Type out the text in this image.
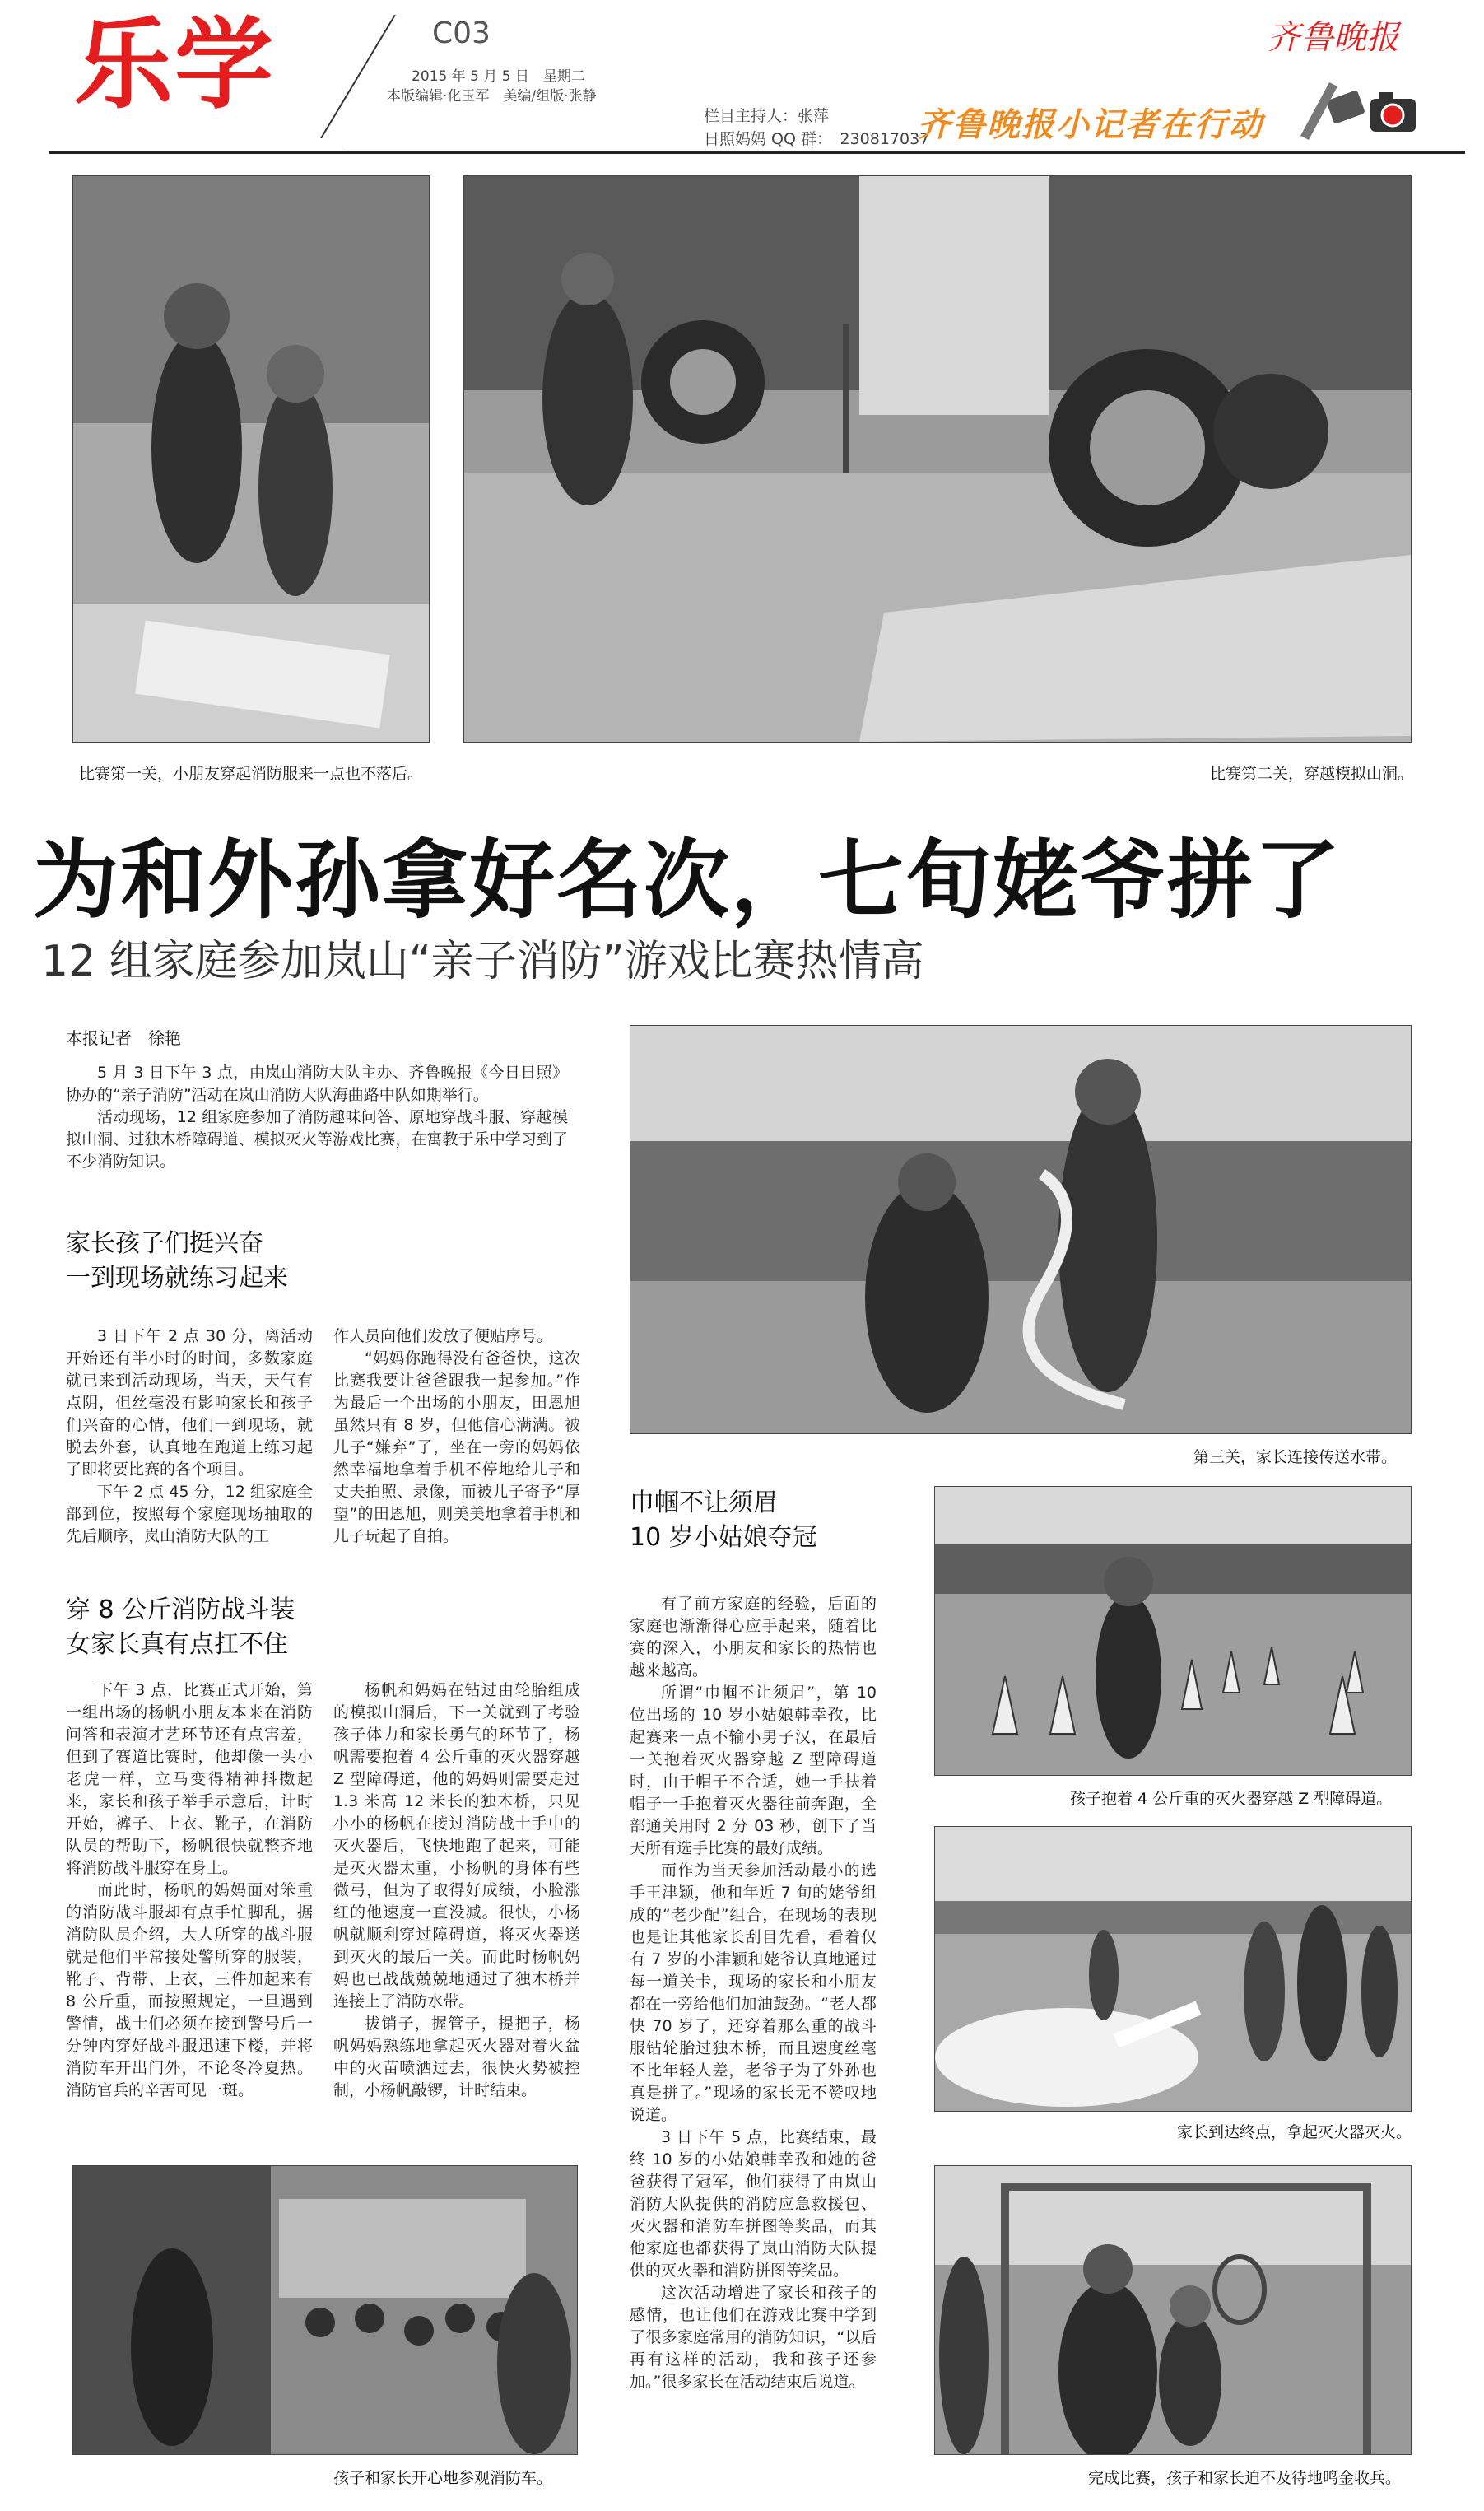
乐学	C03
2015 年 5 月 5 日　星期二
本版编辑·化玉军　美编/组版·张静
栏目主持人：张萍
日照妈妈 QQ 群：　230817037
齐鲁晚报
齐鲁晚报小记者在行动
比赛第一关，小朋友穿起消防服来一点也不落后。	比赛第二关，穿越模拟山洞。
为和外孙拿好名次，七旬姥爷拼了
12 组家庭参加岚山“亲子消防”游戏比赛热情高
本报记者　徐艳

5 月 3 日下午 3 点，由岚山消防大队主办、齐鲁晚报《今日日照》协办的“亲子消防”活动在岚山消防大队海曲路中队如期举行。

活动现场，12 组家庭参加了消防趣味问答、原地穿战斗服、穿越模拟山洞、过独木桥障碍道、模拟灭火等游戏比赛，在寓教于乐中学习到了不少消防知识。

家长孩子们挺兴奋
一到现场就练习起来

3 日下午 2 点 30 分，离活动开始还有半小时的时间，多数家庭就已来到活动现场，当天，天气有点阴，但丝毫没有影响家长和孩子们兴奋的心情，他们一到现场，就脱去外套，认真地在跑道上练习起了即将要比赛的各个项目。

下午 2 点 45 分，12 组家庭全部到位，按照每个家庭现场抽取的先后顺序，岚山消防大队的工

作人员向他们发放了便贴序号。

“妈妈你跑得没有爸爸快，这次比赛我要让爸爸跟我一起参加。”作为最后一个出场的小朋友，田恩旭虽然只有 8 岁，但他信心满满。被儿子“嫌弃”了，坐在一旁的妈妈依然幸福地拿着手机不停地给儿子和丈夫拍照、录像，而被儿子寄予“厚望”的田恩旭，则美美地拿着手机和儿子玩起了自拍。

穿 8 公斤消防战斗装
女家长真有点扛不住

下午 3 点，比赛正式开始，第一组出场的杨帆小朋友本来在消防问答和表演才艺环节还有点害羞，但到了赛道比赛时，他却像一头小老虎一样，立马变得精神抖擞起来，家长和孩子举手示意后，计时开始，裤子、上衣、靴子，在消防队员的帮助下，杨帆很快就整齐地将消防战斗服穿在身上。

而此时，杨帆的妈妈面对笨重的消防战斗服却有点手忙脚乱，据消防队员介绍，大人所穿的战斗服就是他们平常接处警所穿的服装，靴子、背带、上衣，三件加起来有 8 公斤重，而按照规定，一旦遇到警情，战士们必须在接到警号后一分钟内穿好战斗服迅速下楼，并将消防车开出门外，不论冬冷夏热。消防官兵的辛苦可见一斑。

杨帆和妈妈在钻过由轮胎组成的模拟山洞后，下一关就到了考验孩子体力和家长勇气的环节了，杨帆需要抱着 4 公斤重的灭火器穿越 Z 型障碍道，他的妈妈则需要走过 1.3 米高 12 米长的独木桥，只见小小的杨帆在接过消防战士手中的灭火器后，飞快地跑了起来，可能是灭火器太重，小杨帆的身体有些微弓，但为了取得好成绩，小脸涨红的他速度一直没减。很快，小杨帆就顺利穿过障碍道，将灭火器送到灭火的最后一关。而此时杨帆妈妈也已战战兢兢地通过了独木桥并连接上了消防水带。

拔销子，握管子，提把子，杨帆妈妈熟练地拿起灭火器对着火盆中的火苗喷洒过去，很快火势被控制，小杨帆敲锣，计时结束。

孩子和家长开心地参观消防车。
第三关，家长连接传送水带。
巾帼不让须眉
10 岁小姑娘夺冠

有了前方家庭的经验，后面的家庭也渐渐得心应手起来，随着比赛的深入，小朋友和家长的热情也越来越高。

所谓“巾帼不让须眉”，第 10 位出场的 10 岁小姑娘韩幸孜，比起赛来一点不输小男子汉，在最后一关抱着灭火器穿越 Z 型障碍道时，由于帽子不合适，她一手扶着帽子一手抱着灭火器往前奔跑，全部通关用时 2 分 03 秒，创下了当天所有选手比赛的最好成绩。

而作为当天参加活动最小的选手王津颖，他和年近 7 旬的姥爷组成的“老少配”组合，在现场的表现也是让其他家长刮目先看，看着仅有 7 岁的小津颖和姥爷认真地通过每一道关卡，现场的家长和小朋友都在一旁给他们加油鼓劲。“老人都快 70 岁了，还穿着那么重的战斗服钻轮胎过独木桥，而且速度丝毫不比年轻人差，老爷子为了外孙也真是拼了。”现场的家长无不赞叹地说道。

3 日下午 5 点，比赛结束，最终 10 岁的小姑娘韩幸孜和她的爸爸获得了冠军，他们获得了由岚山消防大队提供的消防应急救援包、灭火器和消防车拼图等奖品，而其他家庭也都获得了岚山消防大队提供的灭火器和消防拼图等奖品。

这次活动增进了家长和孩子的感情，也让他们在游戏比赛中学到了很多家庭常用的消防知识，“以后再有这样的活动，我和孩子还参加。”很多家长在活动结束后说道。

孩子抱着 4 公斤重的灭火器穿越 Z 型障碍道。
家长到达终点，拿起灭火器灭火。
完成比赛，孩子和家长迫不及待地鸣金收兵。
